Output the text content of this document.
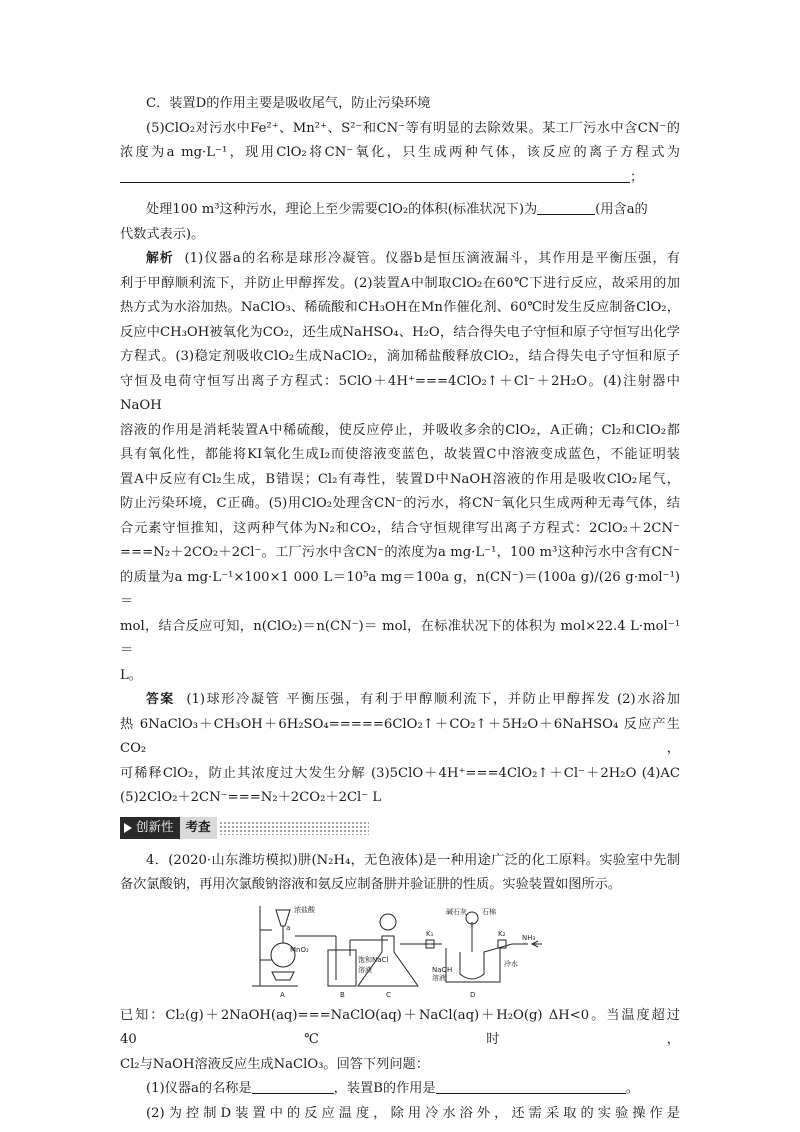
C．装置D的作用主要是吸收尾气，防止污染环境
(5)ClO₂对污水中Fe²⁺、Mn²⁺、S²⁻和CN⁻等有明显的去除效果。某工厂污水中含CN⁻的
浓度为a mg·L⁻¹，现用ClO₂将CN⁻氧化，只生成两种气体，该反应的离子方程式为
；
处理100 m³这种污水，理论上至少需要ClO₂的体积(标准状况下)为	(用含a的
代数式表示)。
解析 (1)仪器a的名称是球形冷凝管。仪器b是恒压滴液漏斗，其作用是平衡压强，有
利于甲醇顺利流下，并防止甲醇挥发。(2)装置A中制取ClO₂在60℃下进行反应，故采用的加
热方式为水浴加热。NaClO₃、稀硫酸和CH₃OH在Mn作催化剂、60℃时发生反应制备ClO₂，
反应中CH₃OH被氧化为CO₂，还生成NaHSO₄、H₂O，结合得失电子守恒和原子守恒写出化学
方程式。(3)稳定剂吸收ClO₂生成NaClO₂，滴加稀盐酸释放ClO₂，结合得失电子守恒和原子
守恒及电荷守恒写出离子方程式：5ClO＋4H⁺===4ClO₂↑＋Cl⁻＋2H₂O。(4)注射器中NaOH
溶液的作用是消耗装置A中稀硫酸，使反应停止，并吸收多余的ClO₂，A正确；Cl₂和ClO₂都
具有氧化性，都能将KI氧化生成I₂而使溶液变蓝色，故装置C中溶液变成蓝色，不能证明装
置A中反应有Cl₂生成，B错误；Cl₂有毒性，装置D中NaOH溶液的作用是吸收ClO₂尾气，
防止污染环境，C正确。(5)用ClO₂处理含CN⁻的污水，将CN⁻氧化只生成两种无毒气体，结
合元素守恒推知，这两种气体为N₂和CO₂，结合守恒规律写出离子方程式：2ClO₂＋2CN⁻
===N₂＋2CO₂＋2Cl⁻。工厂污水中含CN⁻的浓度为a mg·L⁻¹，100 m³这种污水中含有CN⁻
的质量为a mg·L⁻¹×100×1 000 L＝10⁵a mg＝100a g，n(CN⁻)＝(100a g)/(26 g·mol⁻¹)＝
mol，结合反应可知，n(ClO₂)＝n(CN⁻)＝ mol，在标准状况下的体积为 mol×22.4 L·mol⁻¹＝
L。
答案 (1)球形冷凝管 平衡压强，有利于甲醇顺利流下，并防止甲醇挥发 (2)水浴加
热 6NaClO₃＋CH₃OH＋6H₂SO₄=====6ClO₂↑＋CO₂↑＋5H₂O＋6NaHSO₄ 反应产生CO₂，
可稀释ClO₂，防止其浓度过大发生分解 (3)5ClO＋4H⁺===4ClO₂↑＋Cl⁻＋2H₂O (4)AC
(5)2ClO₂＋2CN⁻===N₂＋2CO₂＋2Cl⁻ L
创新性 考查
4．(2020·山东潍坊模拟)肼(N₂H₄，无色液体)是一种用途广泛的化工原料。实验室中先制
备次氯酸钠，再用次氯酸钠溶液和氨反应制备肼并验证肼的性质。实验装置如图所示。
浓盐酸
MnO₂
饱和NaCl
溶液
K₁	K₂
NaOH
溶液
冷水
NH₃
碱石灰 石棉
a
A	B	C	D
已知：Cl₂(g)＋2NaOH(aq)===NaClO(aq)＋NaCl(aq)＋H₂O(g) ΔH<0。当温度超过40℃时，
Cl₂与NaOH溶液反应生成NaClO₃。回答下列问题：
(1)仪器a的名称是	，装置B的作用是	。
(2)为控制D装置中的反应温度，除用冷水浴外，还需采取的实验操作是
